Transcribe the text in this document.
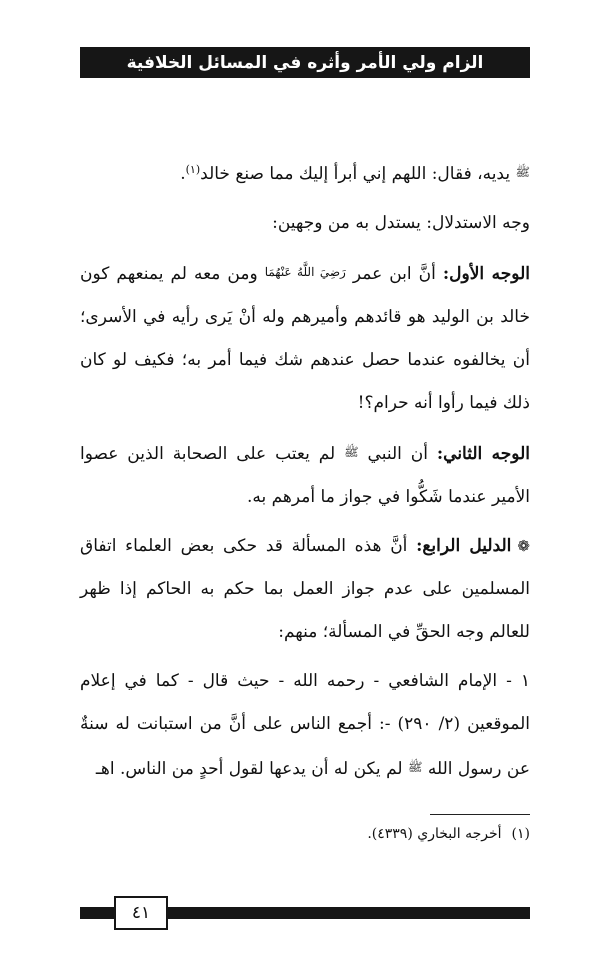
الزام ولي الأمر وأثره في المسائل الخلافية

ﷺ يديه، فقال: اللهم إني أبرأ إليك مما صنع خالد$^{(١)}$.

وجه الاستدلال: يستدل به من وجهين:

الوجه الأول: أنَّ ابن عمر رَضِيَ اللَّهُ عَنْهُمَا ومن معه لم يمنعهم كون خالد بن الوليد هو قائدهم وأميرهم وله أنْ يَرى رأيه في الأسرى؛ أن يخالفوه عندما حصل عندهم شك فيما أمر به؛ فكيف لو كان ذلك فيما رأوا أنه حرام؟!

الوجه الثاني: أن النبي ﷺ لم يعتب على الصحابة الذين عصوا الأمير عندما شَكُّوا في جواز ما أمرهم به.

❁الدليل الرابع: أنَّ هذه المسألة قد حكى بعض العلماء اتفاق المسلمين على عدم جواز العمل بما حكم به الحاكم إذا ظهر للعالم وجه الحقِّ في المسألة؛ منهم:

١ - الإمام الشافعي - رحمه الله - حيث قال - كما في إعلام الموقعين (٢/ ٢٩٠) -: أجمع الناس على أنَّ من استبانت له سنةٌ عن رسول الله ﷺ لم يكن له أن يدعها لقول أحدٍ من الناس. اهـ

(١)أخرجه البخاري (٤٣٣٩).
٤١
